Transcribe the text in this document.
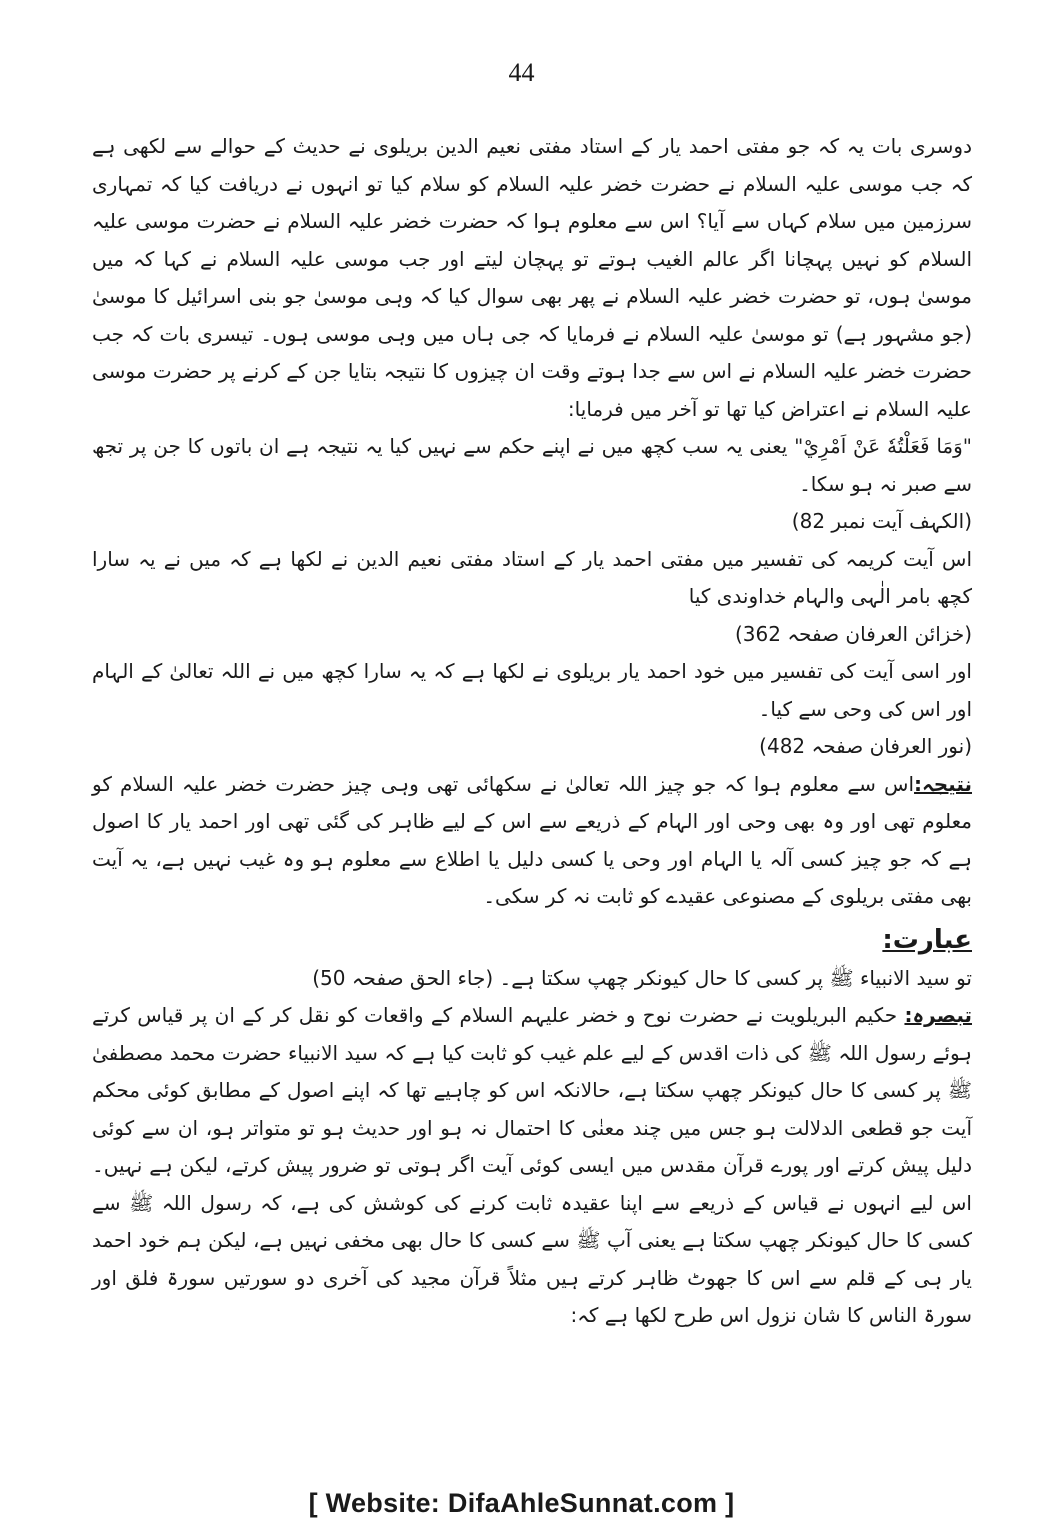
44

دوسری بات یہ کہ جو مفتی احمد یار کے استاد مفتی نعیم الدین بریلوی نے حدیث کے حوالے سے لکھی ہے کہ جب موسی علیہ السلام نے حضرت خضر علیہ السلام کو سلام کیا تو انہوں نے دریافت کیا کہ تمہاری سرزمین میں سلام کہاں سے آیا؟ اس سے معلوم ہوا کہ حضرت خضر علیہ السلام نے حضرت موسی علیہ السلام کو نہیں پہچانا اگر عالم الغیب ہوتے تو پہچان لیتے اور جب موسی علیہ السلام نے کہا کہ میں موسیٰ ہوں، تو حضرت خضر علیہ السلام نے پھر بھی سوال کیا کہ وہی موسیٰ جو بنی اسرائیل کا موسیٰ (جو مشہور ہے) تو موسیٰ علیہ السلام نے فرمایا کہ جی ہاں میں وہی موسی ہوں۔ تیسری بات کہ جب حضرت خضر علیہ السلام نے اس سے جدا ہوتے وقت ان چیزوں کا نتیجہ بتایا جن کے کرنے پر حضرت موسی علیہ السلام نے اعتراض کیا تھا تو آخر میں فرمایا:

"وَمَا فَعَلْتُهٗ عَنْ اَمْرِيْ" یعنی یہ سب کچھ میں نے اپنے حکم سے نہیں کیا یہ نتیجہ ہے ان باتوں کا جن پر تجھ سے صبر نہ ہو سکا۔

(الکہف آیت نمبر 82)

اس آیت کریمہ کی تفسیر میں مفتی احمد یار کے استاد مفتی نعیم الدین نے لکھا ہے کہ میں نے یہ سارا کچھ بامر الٰہی والہام خداوندی کیا

(خزائن العرفان صفحہ 362)

اور اسی آیت کی تفسیر میں خود احمد یار بریلوی نے لکھا ہے کہ یہ سارا کچھ میں نے اللہ تعالیٰ کے الہام اور اس کی وحی سے کیا۔

(نور العرفان صفحہ 482)

نتیجہ:اس سے معلوم ہوا کہ جو چیز اللہ تعالیٰ نے سکھائی تھی وہی چیز حضرت خضر علیہ السلام کو معلوم تھی اور وہ بھی وحی اور الہام کے ذریعے سے اس کے لیے ظاہر کی گئی تھی اور احمد یار کا اصول ہے کہ جو چیز کسی آلہ یا الہام اور وحی یا کسی دلیل یا اطلاع سے معلوم ہو وہ غیب نہیں ہے، یہ آیت بھی مفتی بریلوی کے مصنوعی عقیدے کو ثابت نہ کر سکی۔

عبارت:

تو سید الانبیاء ﷺ پر کسی کا حال کیونکر چھپ سکتا ہے۔ (جاء الحق صفحہ 50)

تبصرہ: حکیم البریلویت نے حضرت نوح و خضر علیہم السلام کے واقعات کو نقل کر کے ان پر قیاس کرتے ہوئے رسول اللہ ﷺ کی ذات اقدس کے لیے علم غیب کو ثابت کیا ہے کہ سید الانبیاء حضرت محمد مصطفیٰ ﷺ پر کسی کا حال کیونکر چھپ سکتا ہے، حالانکہ اس کو چاہیے تھا کہ اپنے اصول کے مطابق کوئی محکم آیت جو قطعی الدلالت ہو جس میں چند معنٰی کا احتمال نہ ہو اور حدیث ہو تو متواتر ہو، ان سے کوئی دلیل پیش کرتے اور پورے قرآن مقدس میں ایسی کوئی آیت اگر ہوتی تو ضرور پیش کرتے، لیکن ہے نہیں۔ اس لیے انہوں نے قیاس کے ذریعے سے اپنا عقیدہ ثابت کرنے کی کوشش کی ہے، کہ رسول اللہ ﷺ سے کسی کا حال کیونکر چھپ سکتا ہے یعنی آپ ﷺ سے کسی کا حال بھی مخفی نہیں ہے، لیکن ہم خود احمد یار ہی کے قلم سے اس کا جھوٹ ظاہر کرتے ہیں مثلاً قرآن مجید کی آخری دو سورتیں سورۃ فلق اور سورۃ الناس کا شان نزول اس طرح لکھا ہے کہ:

[ Website: DifaAhleSunnat.com ]
